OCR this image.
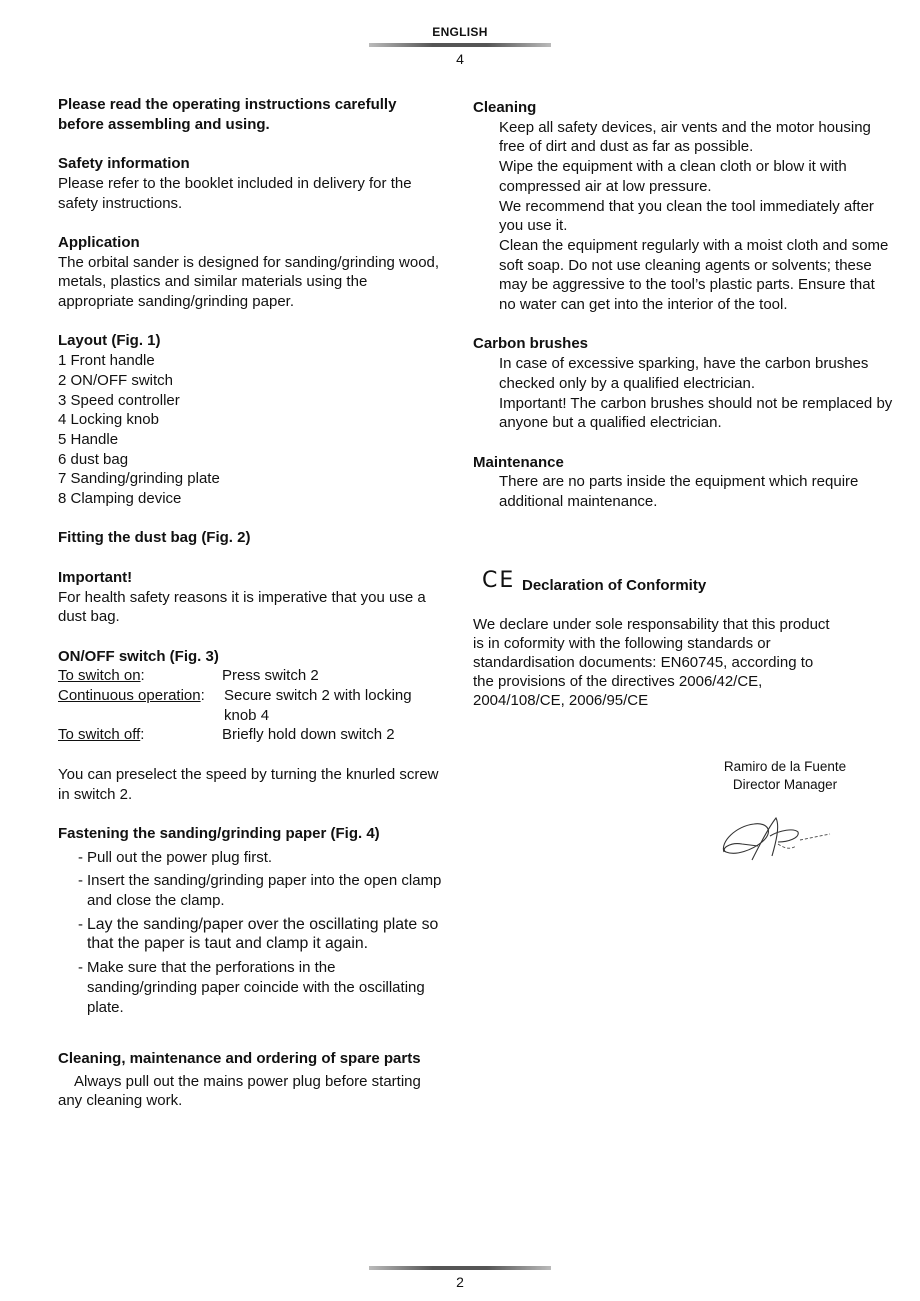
ENGLISH
4

Please read the operating instructions carefully before assembling and using.

Safety information

Please refer to the booklet included in delivery for the safety instructions.

Application

The orbital sander is designed for sanding/grinding wood, metals, plastics and similar materials using the appropriate sanding/grinding paper.

Layout (Fig. 1)

1 Front handle

2 ON/OFF switch

3 Speed controller

4 Locking knob

5 Handle

6 dust bag

7 Sanding/grinding plate

8 Clamping device

Fitting the dust bag (Fig. 2)

Important!

For health safety reasons it is imperative that you use a dust bag.

ON/OFF switch (Fig. 3)

To switch on:	Press switch 2
Continuous operation:	Secure switch 2 with locking knob 4
To switch off:	Briefly hold down switch 2

You can preselect the speed by turning the knurled screw in switch 2.

Fastening the sanding/grinding paper (Fig. 4)

- Pull out the power plug first.
- Insert the sanding/grinding paper into the open clamp and close the clamp.
- Lay the sanding/paper over the oscillating plate so that the paper is taut and clamp it again.
- Make sure that the perforations in the sanding/grinding paper coincide with the oscillating plate.

Cleaning, maintenance and ordering of spare parts

Always pull out the mains power plug before starting any cleaning work.

Cleaning

Keep all safety devices, air vents and the motor housing free of dirt and dust as far as possible.

Wipe the equipment with a clean cloth or blow it with compressed air at low pressure.

We recommend that you clean the tool immediately after you use it.

Clean the equipment regularly with a moist cloth and some soft soap. Do not use cleaning agents or solvents; these may be aggressive to the tool’s plastic parts. Ensure that no water can get into the interior of the tool.

Carbon brushes

In case of excessive sparking, have the carbon brushes checked only by a qualified electrician.

Important! The carbon brushes should not be remplaced by anyone but a qualified electrician.

Maintenance

There are no parts inside the equipment which require additional maintenance.

CE Declaration of Conformity
We declare under sole responsability that this product
is in coformity with the following standards or
standardisation documents: EN60745, according to
the provisions of the directives 2006/42/CE,
2004/108/CE, 2006/95/CE
Ramiro de la Fuente
Director Manager
2
